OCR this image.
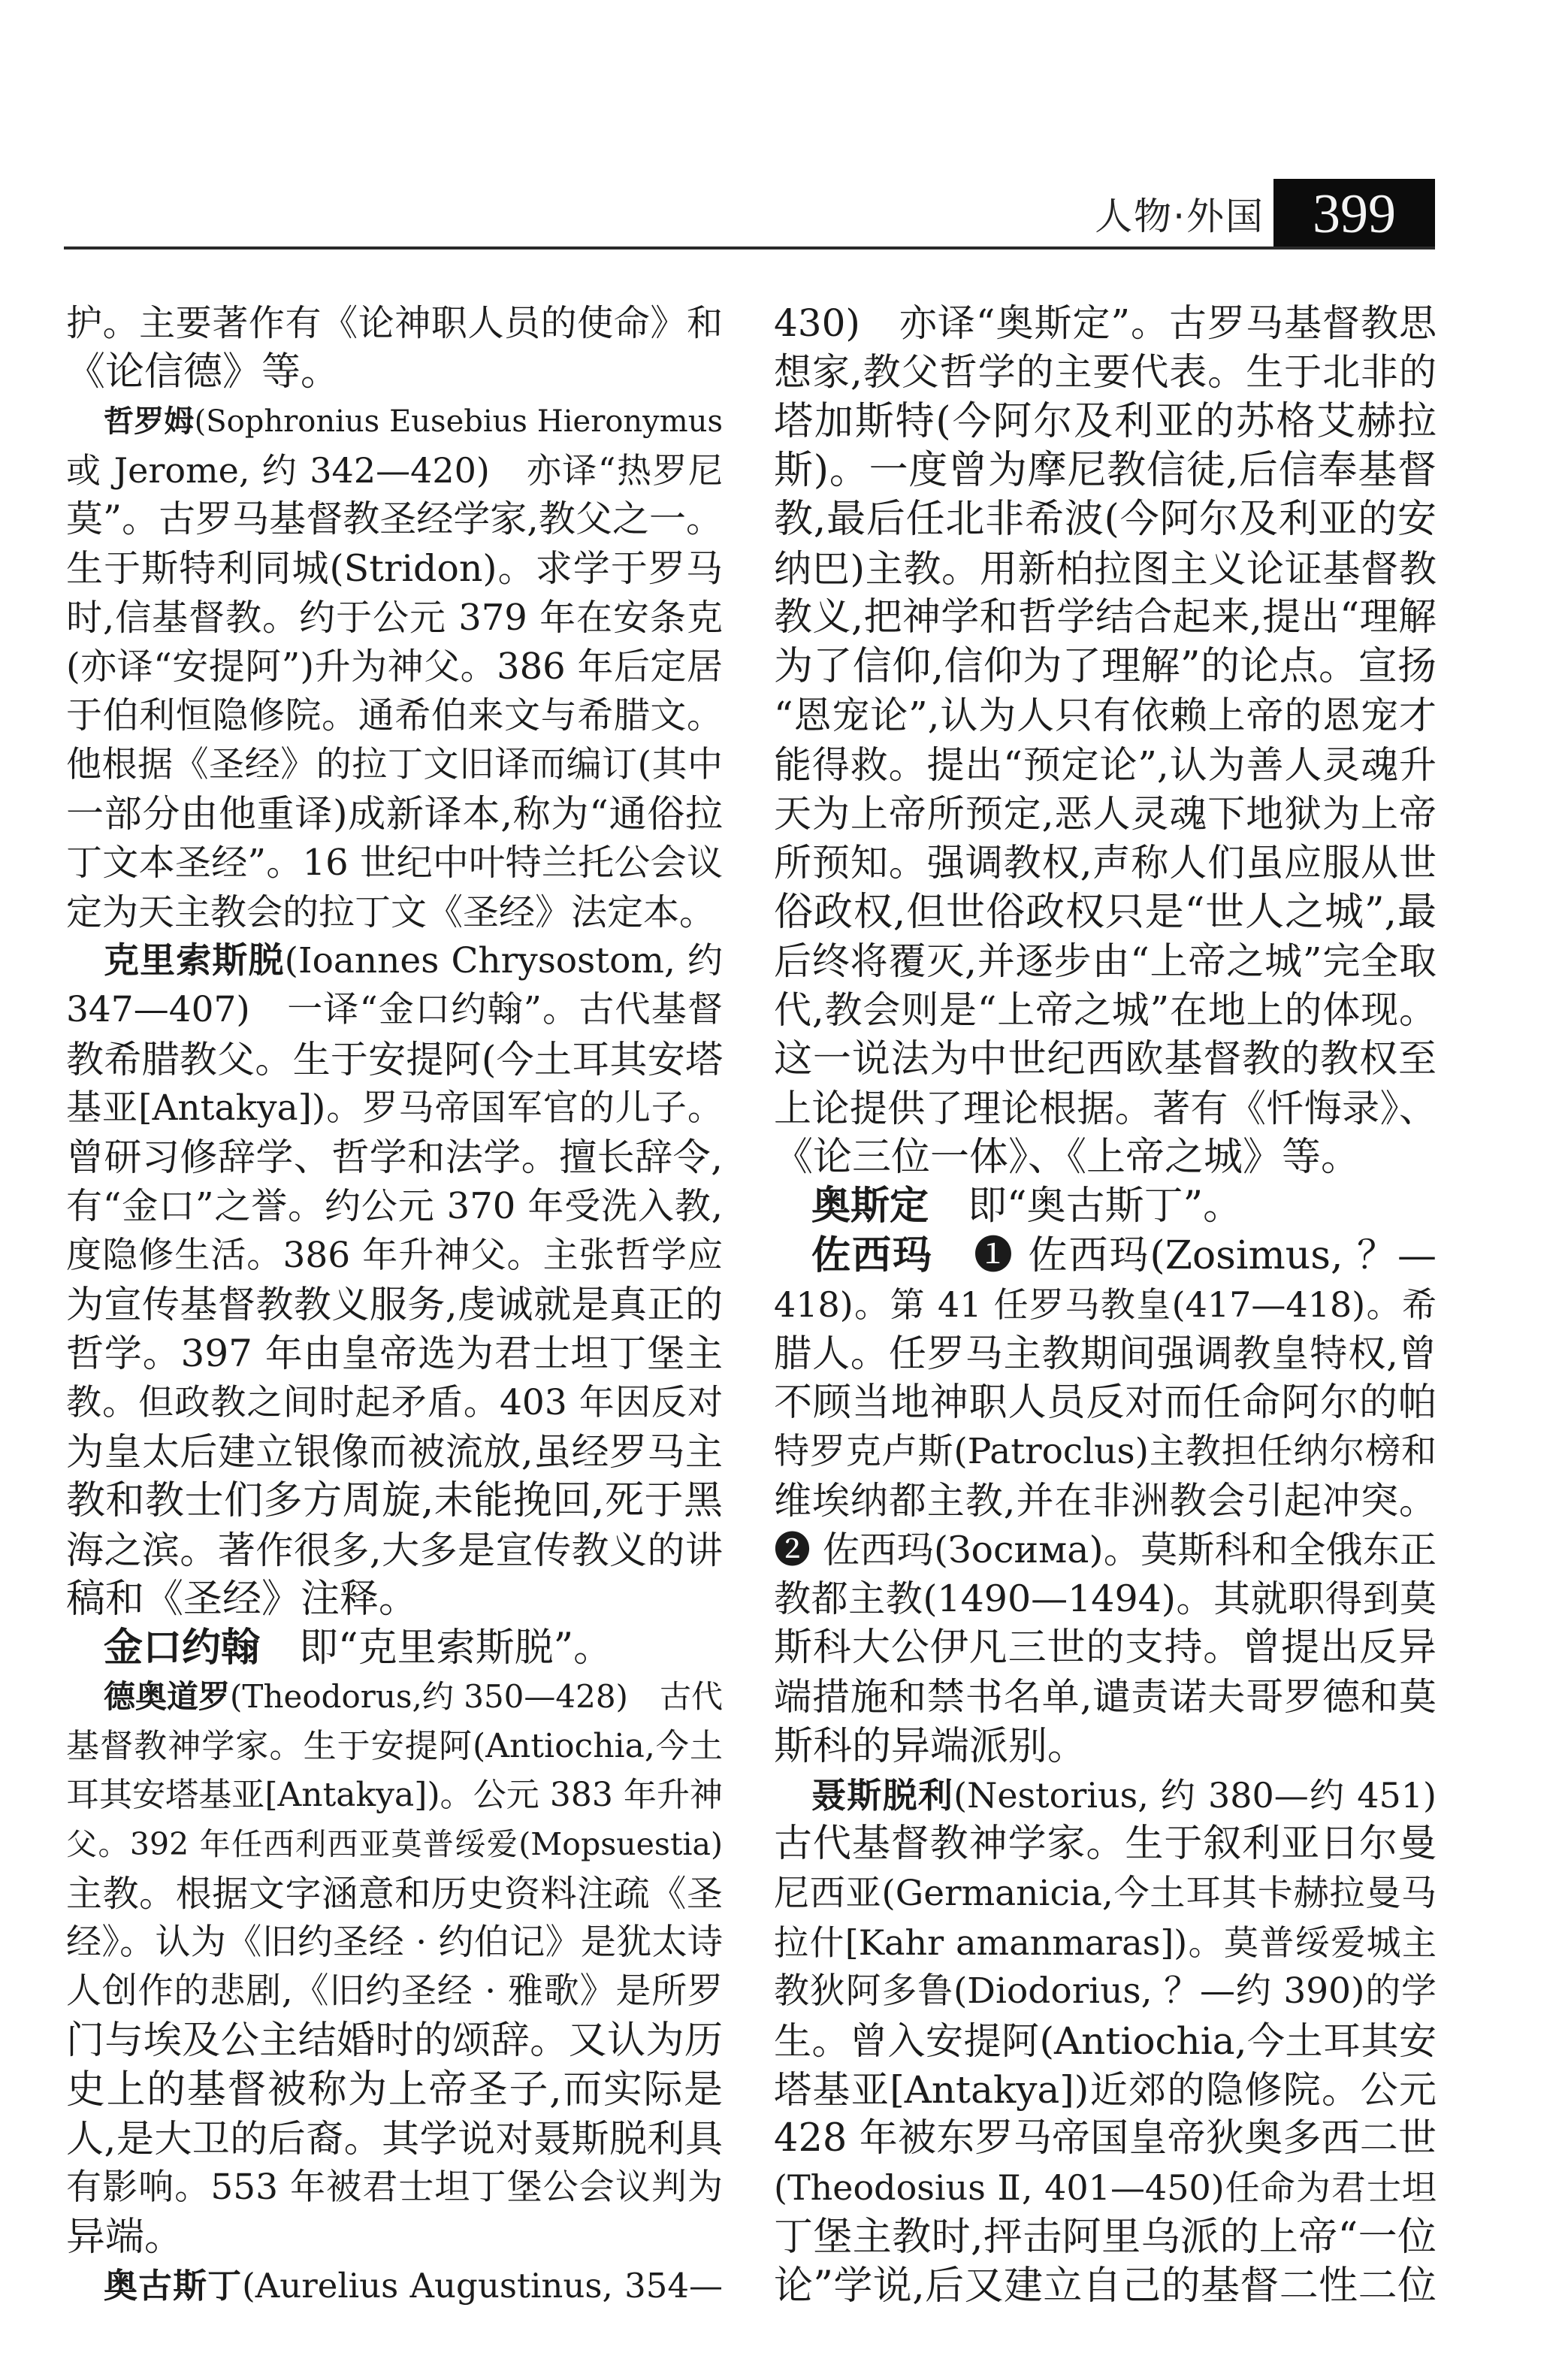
人物·外国 399
护。主要著作有《论神职人员的使命》和
《论信德》等。
哲罗姆(Sophronius Eusebius Hieronymus
或 Jerome, 约 342—420)　亦译“热罗尼
莫”。古罗马基督教圣经学家,教父之一。
生于斯特利同城(Stridon)。求学于罗马
时,信基督教。约于公元 379 年在安条克
(亦译“安提阿”)升为神父。386 年后定居
于伯利恒隐修院。通希伯来文与希腊文。
他根据《圣经》的拉丁文旧译而编订(其中
一部分由他重译)成新译本,称为“通俗拉
丁文本圣经”。16 世纪中叶特兰托公会议
定为天主教会的拉丁文《圣经》法定本。
克里索斯脱(Ioannes Chrysostom, 约
347—407)　一译“金口约翰”。古代基督
教希腊教父。生于安提阿(今土耳其安塔
基亚[Antakya])。罗马帝国军官的儿子。
曾研习修辞学、哲学和法学。擅长辞令,
有“金口”之誉。约公元 370 年受洗入教,
度隐修生活。386 年升神父。主张哲学应
为宣传基督教教义服务,虔诚就是真正的
哲学。397 年由皇帝选为君士坦丁堡主
教。但政教之间时起矛盾。403 年因反对
为皇太后建立银像而被流放,虽经罗马主
教和教士们多方周旋,未能挽回,死于黑
海之滨。著作很多,大多是宣传教义的讲
稿和《圣经》注释。
金口约翰　即“克里索斯脱”。
德奥道罗(Theodorus,约 350—428)　古代
基督教神学家。生于安提阿(Antiochia,今土
耳其安塔基亚[Antakya])。公元 383 年升神
父。392 年任西利西亚莫普绥爱(Mopsuestia)
主教。根据文字涵意和历史资料注疏《圣
经》。认为《旧约圣经 · 约伯记》是犹太诗
人创作的悲剧,《旧约圣经 · 雅歌》是所罗
门与埃及公主结婚时的颂辞。又认为历
史上的基督被称为上帝圣子,而实际是
人,是大卫的后裔。其学说对聂斯脱利具
有影响。553 年被君士坦丁堡公会议判为
异端。
奥古斯丁(Aurelius Augustinus, 354—
430)　亦译“奥斯定”。古罗马基督教思
想家,教父哲学的主要代表。生于北非的
塔加斯特(今阿尔及利亚的苏格艾赫拉
斯)。一度曾为摩尼教信徒,后信奉基督
教,最后任北非希波(今阿尔及利亚的安
纳巴)主教。用新柏拉图主义论证基督教
教义,把神学和哲学结合起来,提出“理解
为了信仰,信仰为了理解”的论点。宣扬
“恩宠论”,认为人只有依赖上帝的恩宠才
能得救。提出“预定论”,认为善人灵魂升
天为上帝所预定,恶人灵魂下地狱为上帝
所预知。强调教权,声称人们虽应服从世
俗政权,但世俗政权只是“世人之城”,最
后终将覆灭,并逐步由“上帝之城”完全取
代,教会则是“上帝之城”在地上的体现。
这一说法为中世纪西欧基督教的教权至
上论提供了理论根据。著有《忏悔录》、
《论三位一体》、《上帝之城》等。
奥斯定　即“奥古斯丁”。
佐西玛　❶ 佐西玛(Zosimus, ？—
418)。第 41 任罗马教皇(417—418)。希
腊人。任罗马主教期间强调教皇特权,曾
不顾当地神职人员反对而任命阿尔的帕
特罗克卢斯(Patroclus)主教担任纳尔榜和
维埃纳都主教,并在非洲教会引起冲突。
❷ 佐西玛(Зосима)。莫斯科和全俄东正
教都主教(1490—1494)。其就职得到莫
斯科大公伊凡三世的支持。曾提出反异
端措施和禁书名单,谴责诺夫哥罗德和莫
斯科的异端派别。
聂斯脱利(Nestorius, 约 380—约 451)
古代基督教神学家。生于叙利亚日尔曼
尼西亚(Germanicia,今土耳其卡赫拉曼马
拉什[Kahr amanmaras])。莫普绥爱城主
教狄阿多鲁(Diodorius, ？—约 390)的学
生。曾入安提阿(Antiochia,今土耳其安
塔基亚[Antakya])近郊的隐修院。公元
428 年被东罗马帝国皇帝狄奥多西二世
(Theodosius Ⅱ, 401—450)任命为君士坦
丁堡主教时,抨击阿里乌派的上帝“一位
论”学说,后又建立自己的基督二性二位
